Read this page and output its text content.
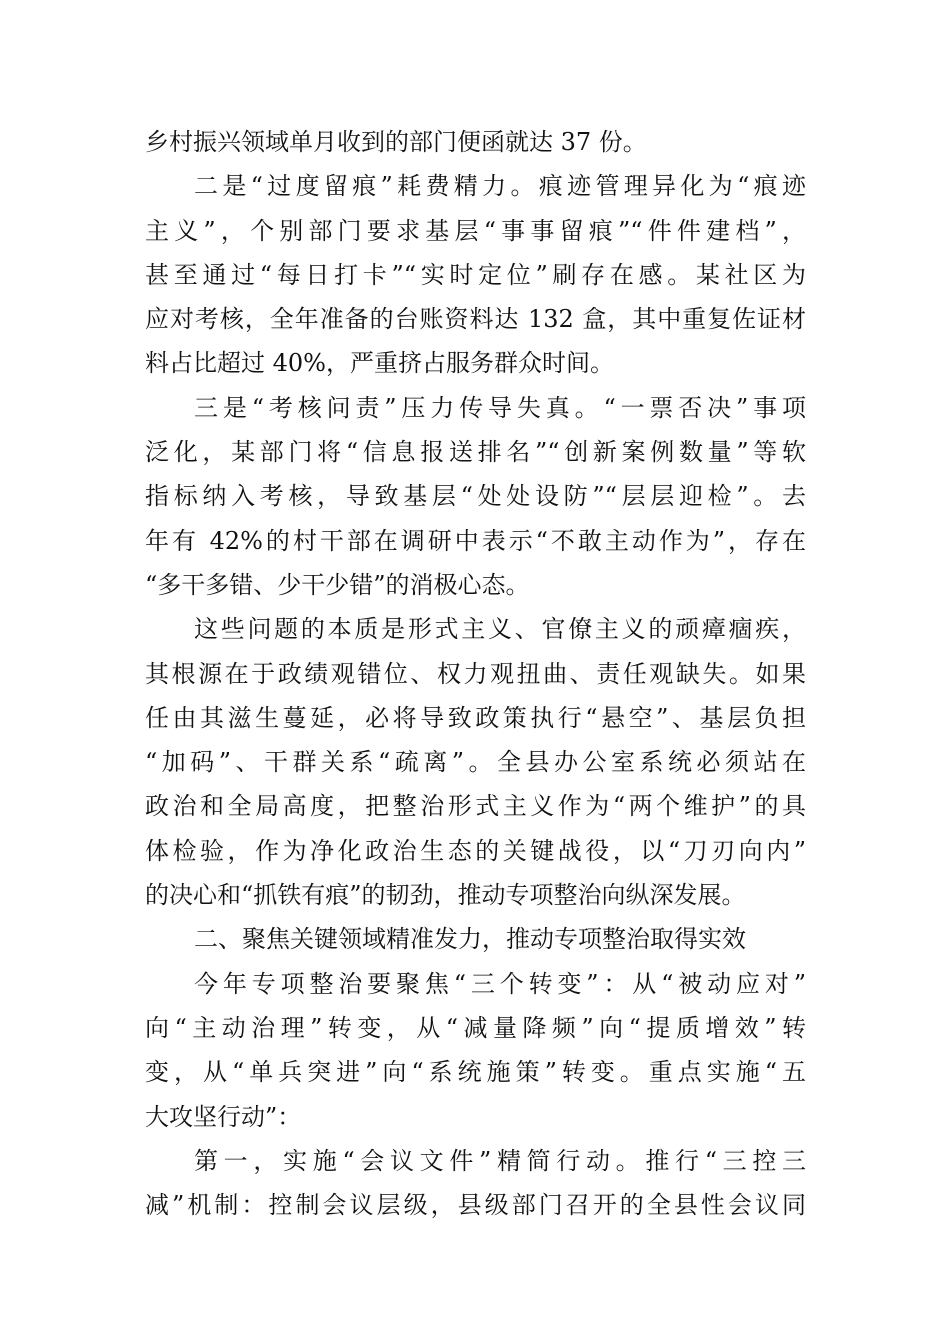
乡村振兴领域单月收到的部门便函就达 37 份。
二是“过度留痕”耗费精力。痕迹管理异化为“痕迹
主义”，个别部门要求基层“事事留痕”“件件建档”，
甚至通过“每日打卡”“实时定位”刷存在感。某社区为
应对考核，全年准备的台账资料达 132 盒，其中重复佐证材
料占比超过 40%，严重挤占服务群众时间。
三是“考核问责”压力传导失真。“一票否决”事项
泛化，某部门将“信息报送排名”“创新案例数量”等软
指标纳入考核，导致基层“处处设防”“层层迎检”。去
年有 42%的村干部在调研中表示“不敢主动作为”，存在
“多干多错、少干少错”的消极心态。
这些问题的本质是形式主义、官僚主义的顽瘴痼疾，
其根源在于政绩观错位、权力观扭曲、责任观缺失。如果
任由其滋生蔓延，必将导致政策执行“悬空”、基层负担
“加码”、干群关系“疏离”。全县办公室系统必须站在
政治和全局高度，把整治形式主义作为“两个维护”的具
体检验，作为净化政治生态的关键战役，以“刀刃向内”
的决心和“抓铁有痕”的韧劲，推动专项整治向纵深发展。
二、聚焦关键领域精准发力，推动专项整治取得实效
今年专项整治要聚焦“三个转变”：从“被动应对”
向“主动治理”转变，从“减量降频”向“提质增效”转
变，从“单兵突进”向“系统施策”转变。重点实施“五
大攻坚行动”：
第一，实施“会议文件”精简行动。推行“三控三
减”机制：控制会议层级，县级部门召开的全县性会议同
